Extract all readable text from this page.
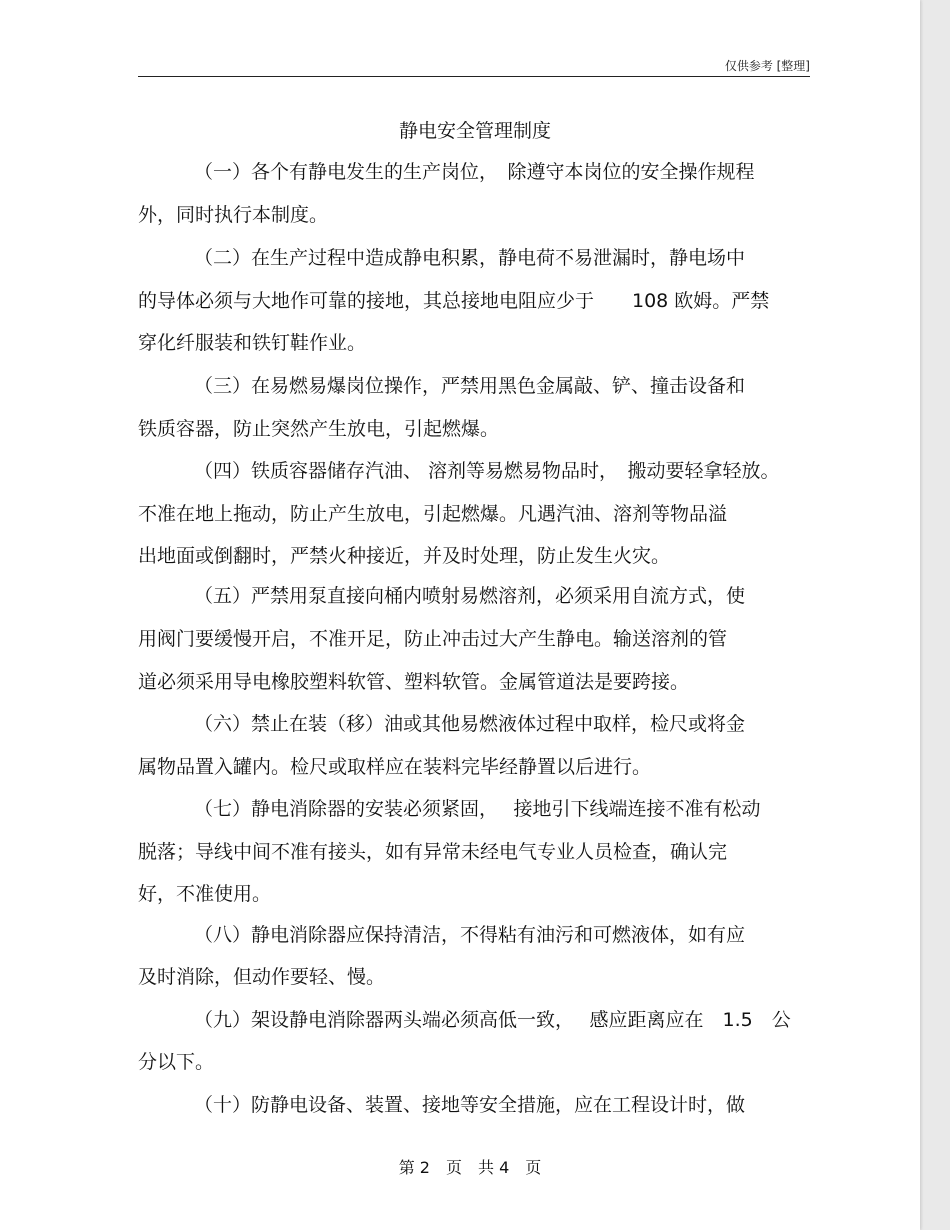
仅供参考 [整理]
静电安全管理制度
（一）各个有静电发生的生产岗位，　除遵守本岗位的安全操作规程
外，同时执行本制度。
（二）在生产过程中造成静电积累，静电荷不易泄漏时，静电场中
的导体必须与大地作可靠的接地，其总接地电阻应少于　　108 欧姆。严禁
穿化纤服装和铁钉鞋作业。
（三）在易燃易爆岗位操作，严禁用黑色金属敲、铲、撞击设备和
铁质容器，防止突然产生放电，引起燃爆。
（四）铁质容器储存汽油、 溶剂等易燃易物品时，　搬动要轻拿轻放。
不准在地上拖动，防止产生放电，引起燃爆。凡遇汽油、溶剂等物品溢
出地面或倒翻时，严禁火种接近，并及时处理，防止发生火灾。
（五）严禁用泵直接向桶内喷射易燃溶剂，必须采用自流方式，使
用阀门要缓慢开启，不准开足，防止冲击过大产生静电。输送溶剂的管
道必须采用导电橡胶塑料软管、塑料软管。金属管道法是要跨接。
（六）禁止在装（移）油或其他易燃液体过程中取样，检尺或将金
属物品置入罐内。检尺或取样应在装料完毕经静置以后进行。
（七）静电消除器的安装必须紧固，　 接地引下线端连接不准有松动
脱落；导线中间不准有接头，如有异常未经电气专业人员检查，确认完
好，不准使用。
（八）静电消除器应保持清洁，不得粘有油污和可燃液体，如有应
及时消除，但动作要轻、慢。
（九）架设静电消除器两头端必须高低一致，　 感应距离应在　1.5　公
分以下。
（十）防静电设备、装置、接地等安全措施，应在工程设计时，做
第 2　页　共 4　页
